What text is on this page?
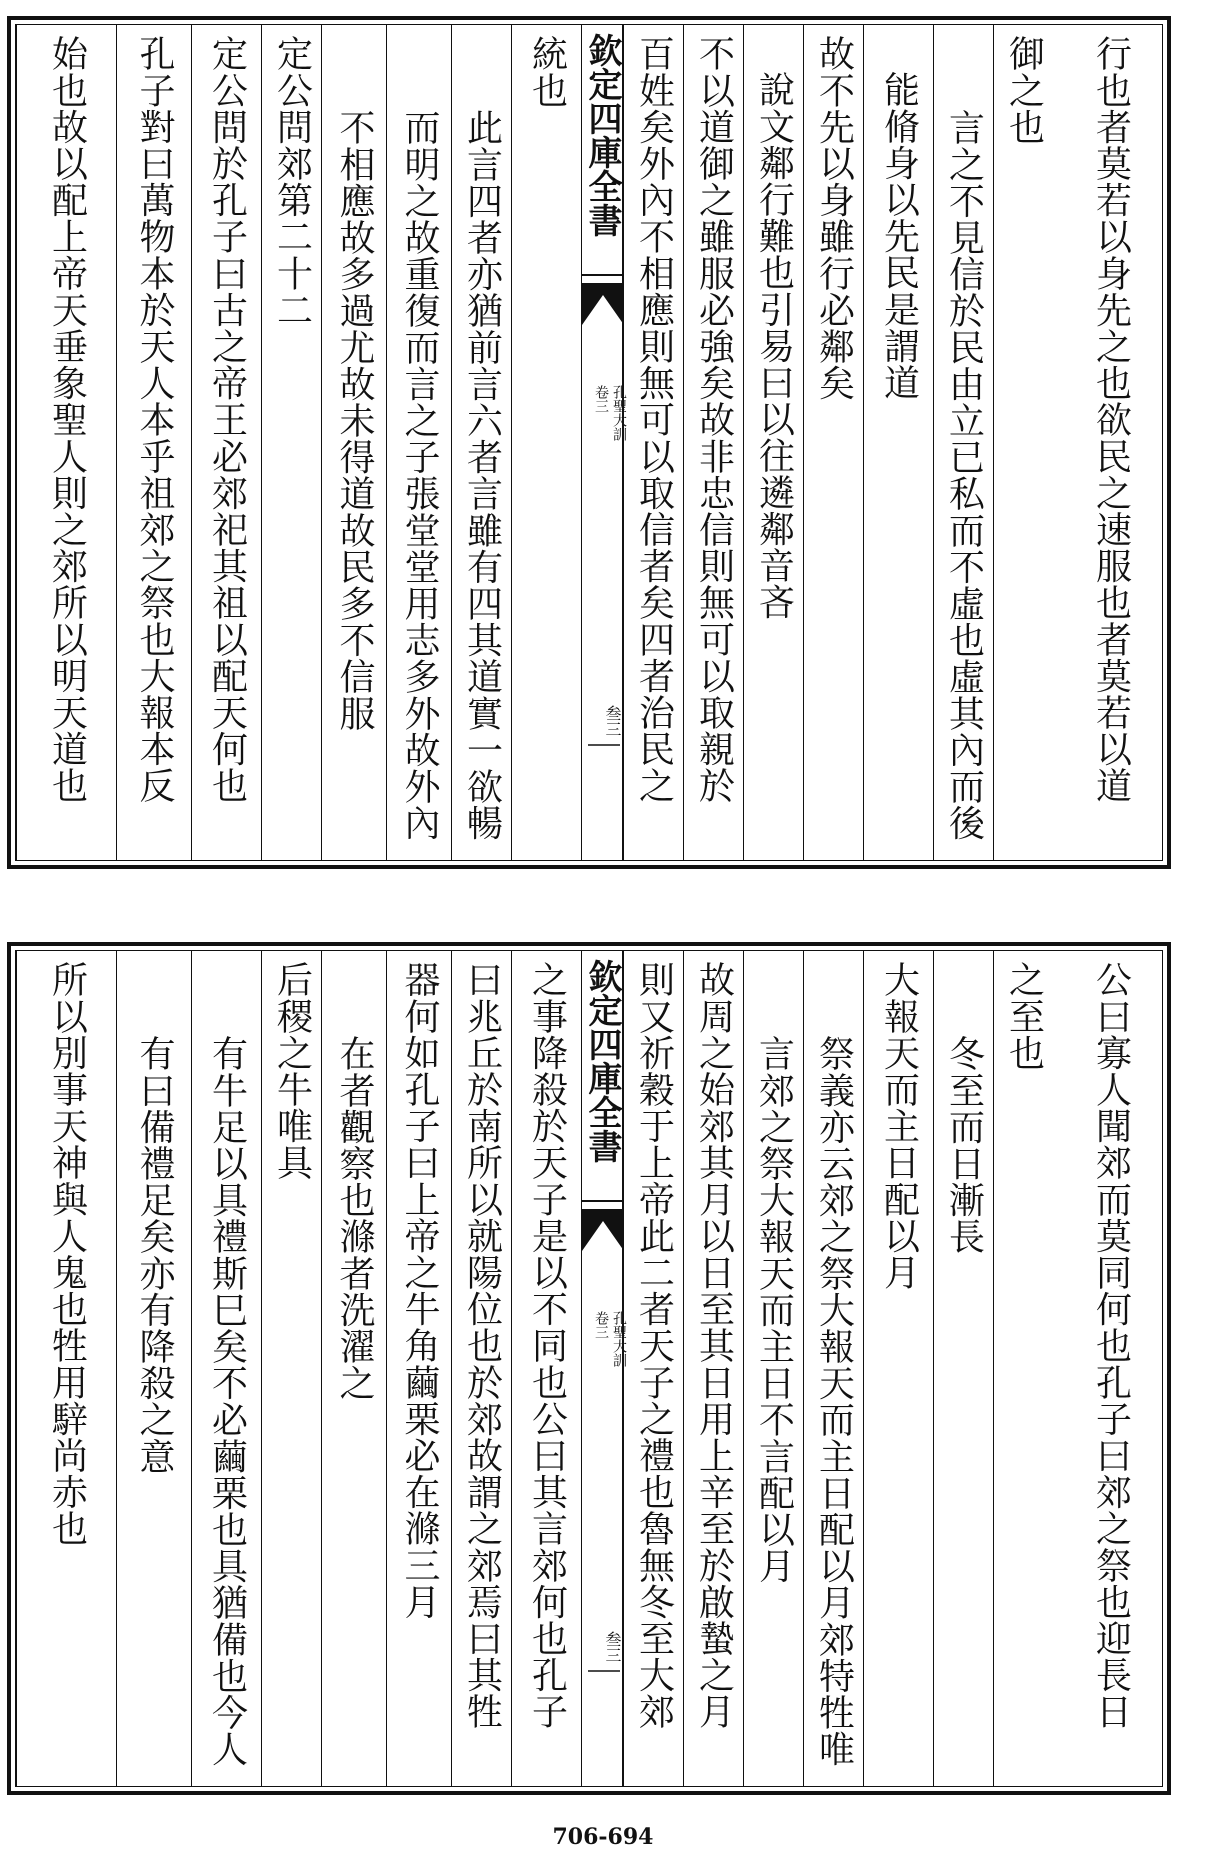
行也者莫若以身先之也欲民之速服也者莫若以道
御之也
言之不見信於民由立已私而不虛也虛其內而後
能脩身以先民是謂道
故不先以身雖行必鄰矣
說文鄰行難也引易曰以往遴鄰音吝
不以道御之雖服必強矣故非忠信則無可以取親於
百姓矣外內不相應則無可以取信者矣四者治民之
欽定四庫全書
卷三 孔聖大訓
叁三
統也
此言四者亦猶前言六者言雖有四其道實一欲暢
而明之故重復而言之子張堂堂用志多外故外內
不相應故多過尤故未得道故民多不信服
定公問郊第二十二
定公問於孔子曰古之帝王必郊祀其祖以配天何也
孔子對曰萬物本於天人本乎祖郊之祭也大報本反
始也故以配上帝天垂象聖人則之郊所以明天道也
公曰寡人聞郊而莫同何也孔子曰郊之祭也迎長日
之至也
冬至而日漸長
大報天而主日配以月
祭義亦云郊之祭大報天而主日配以月郊特牲唯
言郊之祭大報天而主日不言配以月
故周之始郊其月以日至其日用上辛至於啟蟄之月
則又祈穀于上帝此二者天子之禮也魯無冬至大郊
欽定四庫全書
卷三 孔聖大訓
叁三
之事降殺於天子是以不同也公曰其言郊何也孔子
曰兆丘於南所以就陽位也於郊故謂之郊焉曰其牲
器何如孔子曰上帝之牛角繭栗必在滌三月
在者觀察也滌者洗濯之
后稷之牛唯具
有牛足以具禮斯巳矣不必繭栗也具猶備也今人
有曰備禮足矣亦有降殺之意
所以別事天神與人鬼也牲用騂尚赤也
706-694
